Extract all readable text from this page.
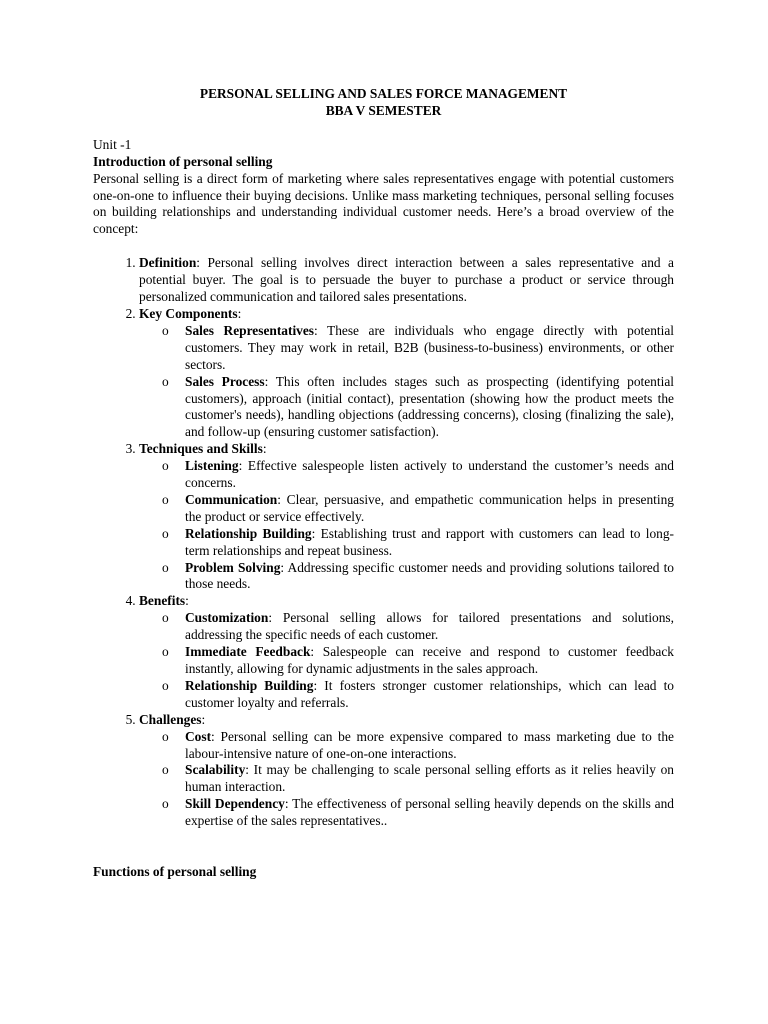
PERSONAL SELLING AND SALES FORCE MANAGEMENT
BBA V SEMESTER
Unit -1
Introduction of personal selling

Personal selling is a direct form of marketing where sales representatives engage with potential customers one-on-one to influence their buying decisions. Unlike mass marketing techniques, personal selling focuses on building relationships and understanding individual customer needs. Here’s a broad overview of the concept:

1. Definition: Personal selling involves direct interaction between a sales representative and a potential buyer. The goal is to persuade the buyer to purchase a product or service through personalized communication and tailored sales presentations.
2. Key Components:
o Sales Representatives: These are individuals who engage directly with potential customers. They may work in retail, B2B (business-to-business) environments, or other sectors.
o Sales Process: This often includes stages such as prospecting (identifying potential customers), approach (initial contact), presentation (showing how the product meets the customer's needs), handling objections (addressing concerns), closing (finalizing the sale), and follow-up (ensuring customer satisfaction).
3. Techniques and Skills:
o Listening: Effective salespeople listen actively to understand the customer’s needs and concerns.
o Communication: Clear, persuasive, and empathetic communication helps in presenting the product or service effectively.
o Relationship Building: Establishing trust and rapport with customers can lead to long-term relationships and repeat business.
o Problem Solving: Addressing specific customer needs and providing solutions tailored to those needs.
4. Benefits:
o Customization: Personal selling allows for tailored presentations and solutions, addressing the specific needs of each customer.
o Immediate Feedback: Salespeople can receive and respond to customer feedback instantly, allowing for dynamic adjustments in the sales approach.
o Relationship Building: It fosters stronger customer relationships, which can lead to customer loyalty and referrals.
5. Challenges:
o Cost: Personal selling can be more expensive compared to mass marketing due to the labour-intensive nature of one-on-one interactions.
o Scalability: It may be challenging to scale personal selling efforts as it relies heavily on human interaction.
o Skill Dependency: The effectiveness of personal selling heavily depends on the skills and expertise of the sales representatives..
Functions of personal selling
